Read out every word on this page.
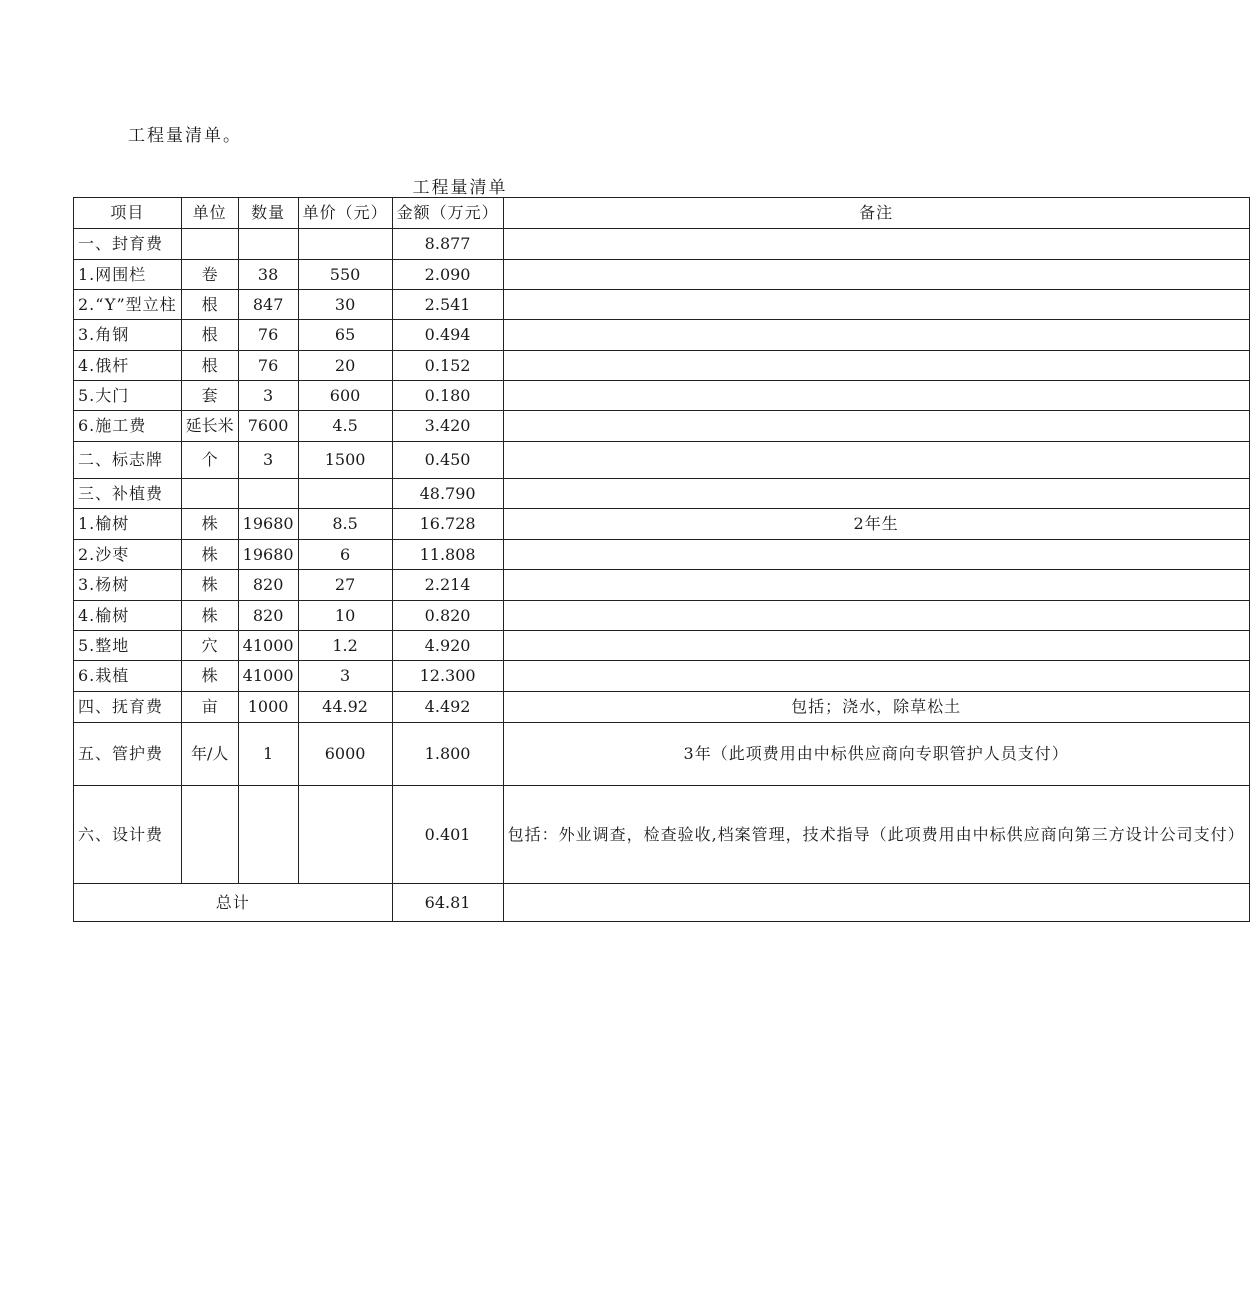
工程量清单。
工程量清单
项目	单位	数量	单价（元）	金额（万元）	备注
一、封育费				8.877	
1.网围栏	卷	38	550	2.090	
2.“Y”型立柱	根	847	30	2.541	
3.角钢	根	76	65	0.494	
4.俄杆	根	76	20	0.152	
5.大门	套	3	600	0.180	
6.施工费	延长米	7600	4.5	3.420	
二、标志牌	个	3	1500	0.450	
三、补植费				48.790	
1.榆树	株	19680	8.5	16.728	2年生
2.沙枣	株	19680	6	11.808	
3.杨树	株	820	27	2.214	
4.榆树	株	820	10	0.820	
5.整地	穴	41000	1.2	4.920	
6.栽植	株	41000	3	12.300	
四、抚育费	亩	1000	44.92	4.492	包括；浇水，除草松土
五、管护费	年/人	1	6000	1.800	3年（此项费用由中标供应商向专职管护人员支付）
六、设计费				0.401	包括：外业调查，检查验收,档案管理，技术指导（此项费用由中标供应商向第三方设计公司支付）
总计				64.81	
